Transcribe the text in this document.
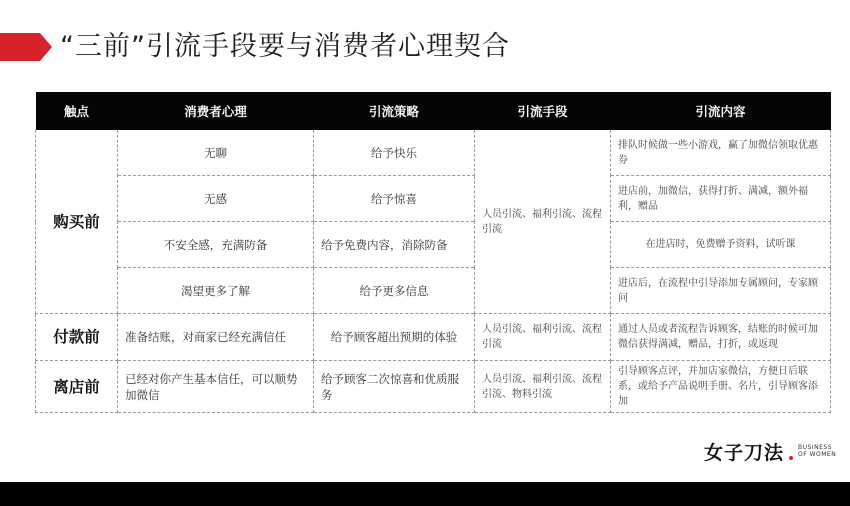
“三前”引流手段要与消费者心理契合
触点	消费者心理	引流策略	引流手段	引流内容
购买前	无聊	给予快乐	人员引流、福利引流、流程引流	排队时候做一些小游戏，赢了加微信领取优惠券
	无感	给予惊喜		进店前，加微信，获得打折、满减，额外福利，赠品
	不安全感，充满防备	给予免费内容，消除防备		在进店时，免费赠予资料，试听课
	渴望更多了解	给予更多信息		进店后，在流程中引导添加专属顾问，专家顾问
付款前	准备结账，对商家已经充满信任	给予顾客超出预期的体验	人员引流、福利引流、流程引流	通过人员或者流程告诉顾客，结账的时候可加微信获得满减，赠品，打折，或返现
离店前	已经对你产生基本信任，可以顺势加微信	给予顾客二次惊喜和优质服务	人员引流、福利引流、流程引流、物料引流	引导顾客点评，并加店家微信，方便日后联系，或给予产品说明手册、名片，引导顾客添加
女子刀法 BUSINESS
OF WOMEN
